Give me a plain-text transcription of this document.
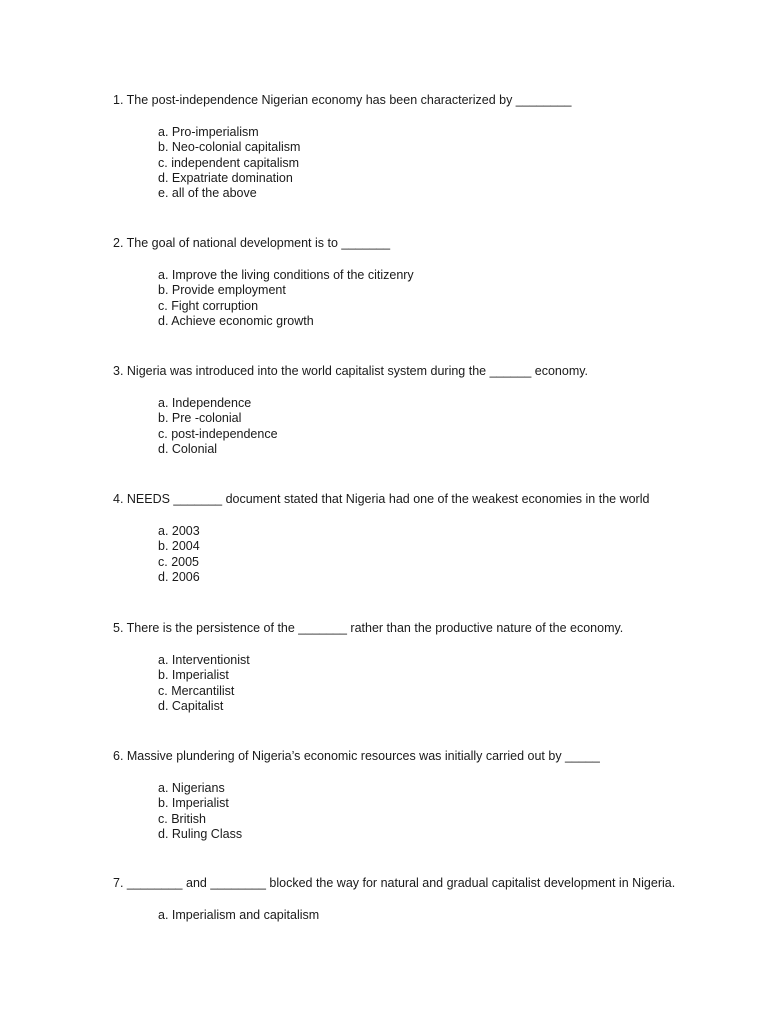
1. The post-independence Nigerian economy has been characterized by ________
a. Pro-imperialism
b. Neo-colonial capitalism
c. independent capitalism
d. Expatriate domination
e. all of the above
2. The goal of national development is to _______
a. Improve the living conditions of the citizenry
b. Provide employment
c. Fight corruption
d. Achieve economic growth
3. Nigeria was introduced into the world capitalist system during the ______ economy.
a. Independence
b. Pre -colonial
c. post-independence
d. Colonial
4. NEEDS _______ document stated that Nigeria had one of the weakest economies in the world
a. 2003
b. 2004
c. 2005
d. 2006
5. There is the persistence of the _______ rather than the productive nature of the economy.
a. Interventionist
b. Imperialist
c. Mercantilist
d. Capitalist
6. Massive plundering of Nigeria’s economic resources was initially carried out by _____
a. Nigerians
b. Imperialist
c. British
d. Ruling Class
7. ________ and ________ blocked the way for natural and gradual capitalist development in Nigeria.
a. Imperialism and capitalism
